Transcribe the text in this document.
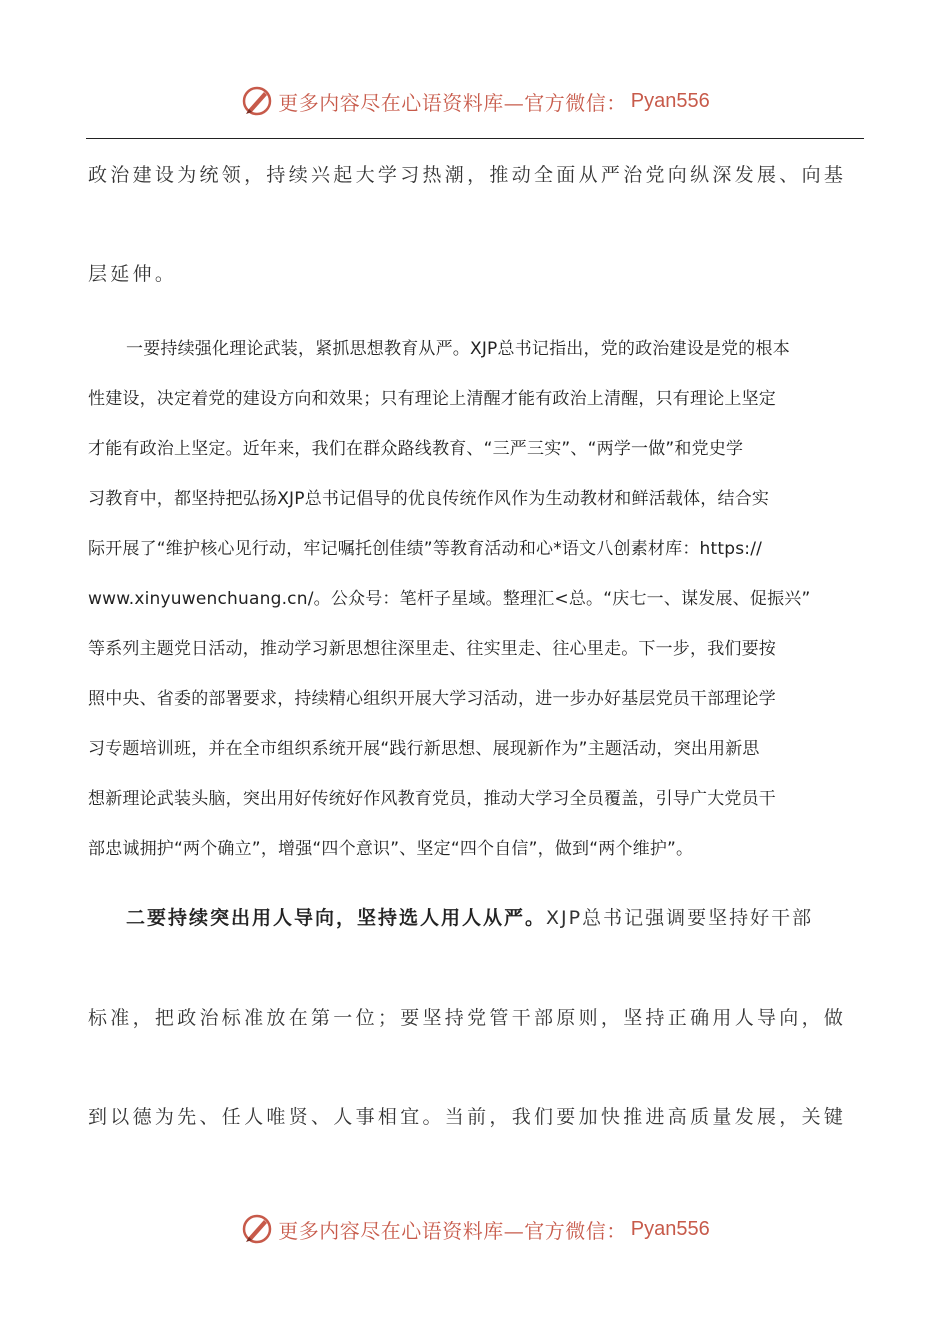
更多内容尽在心语资料库—官方微信： Pyan556
政治建设为统领，持续兴起大学习热潮，推动全面从严治党向纵深发展、向基
层延伸。
一要持续强化理论武装，紧抓思想教育从严。XJP总书记指出，党的政治建设是党的根本
性建设，决定着党的建设方向和效果；只有理论上清醒才能有政治上清醒，只有理论上坚定
才能有政治上坚定。近年来，我们在群众路线教育、“三严三实”、“两学一做”和党史学
习教育中，都坚持把弘扬XJP总书记倡导的优良传统作风作为生动教材和鲜活载体，结合实
际开展了“维护核心见行动，牢记嘱托创佳绩”等教育活动和心*语文八创素材库：https://
www.xinyuwenchuang.cn/。公众号：笔杆子星域。整理汇<总。“庆七一、谋发展、促振兴”
等系列主题党日活动，推动学习新思想往深里走、往实里走、往心里走。下一步，我们要按
照中央、省委的部署要求，持续精心组织开展大学习活动，进一步办好基层党员干部理论学
习专题培训班，并在全市组织系统开展“践行新思想、展现新作为”主题活动，突出用新思
想新理论武装头脑，突出用好传统好作风教育党员，推动大学习全员覆盖，引导广大党员干
部忠诚拥护“两个确立”，增强“四个意识”、坚定“四个自信”，做到“两个维护”。
二要持续突出用人导向，坚持选人用人从严。XJP总书记强调要坚持好干部
标准，把政治标准放在第一位；要坚持党管干部原则，坚持正确用人导向，做
到以德为先、任人唯贤、人事相宜。当前，我们要加快推进高质量发展，关键
更多内容尽在心语资料库—官方微信： Pyan556
